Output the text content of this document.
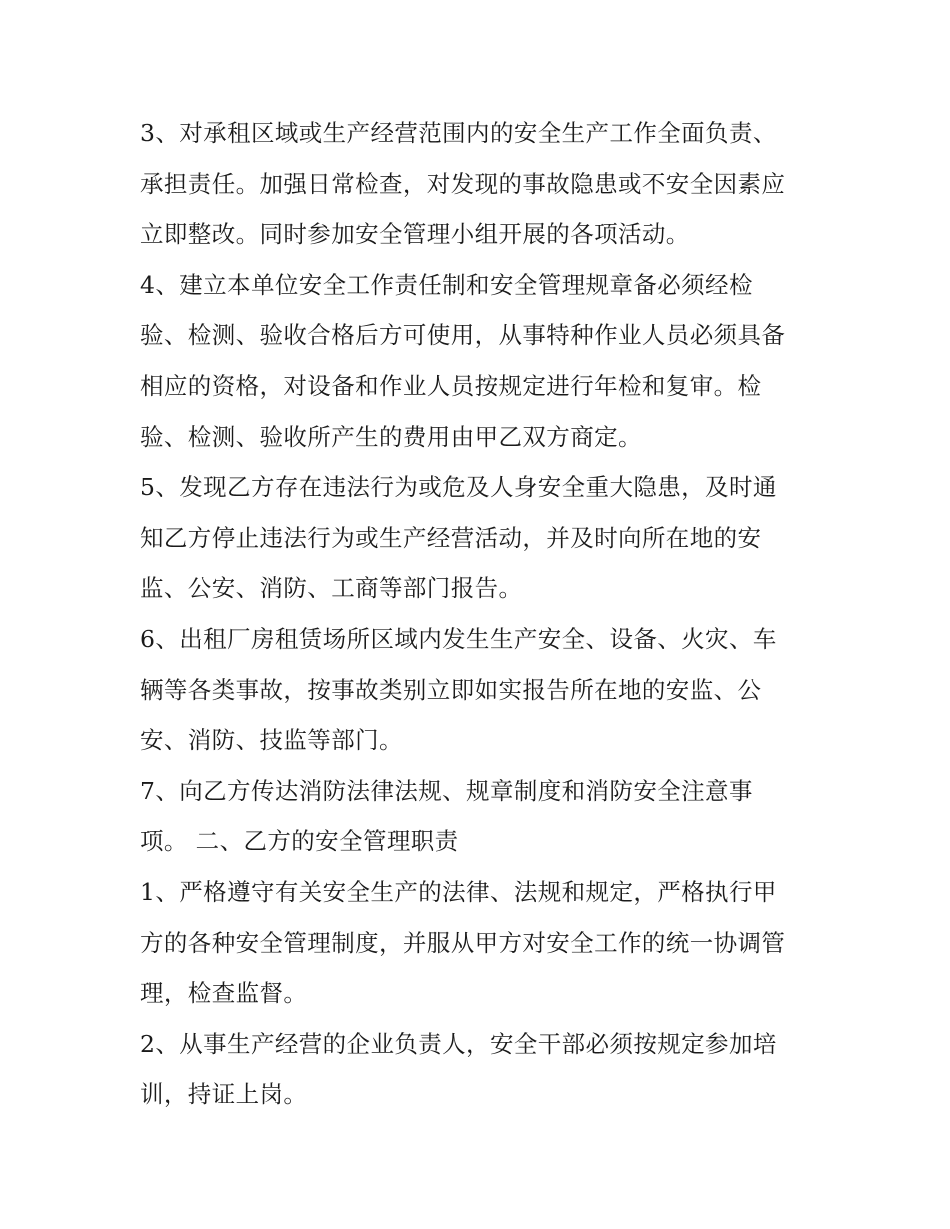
3、对承租区域或生产经营范围内的安全生产工作全面负责、
承担责任。加强日常检查，对发现的事故隐患或不安全因素应
立即整改。同时参加安全管理小组开展的各项活动。
4、建立本单位安全工作责任制和安全管理规章备必须经检
验、检测、验收合格后方可使用，从事特种作业人员必须具备
相应的资格，对设备和作业人员按规定进行年检和复审。检
验、检测、验收所产生的费用由甲乙双方商定。
5、发现乙方存在违法行为或危及人身安全重大隐患，及时通
知乙方停止违法行为或生产经营活动，并及时向所在地的安
监、公安、消防、工商等部门报告。
6、出租厂房租赁场所区域内发生生产安全、设备、火灾、车
辆等各类事故，按事故类别立即如实报告所在地的安监、公
安、消防、技监等部门。
7、向乙方传达消防法律法规、规章制度和消防安全注意事
项。 二、乙方的安全管理职责
1、严格遵守有关安全生产的法律、法规和规定，严格执行甲
方的各种安全管理制度，并服从甲方对安全工作的统一协调管
理，检查监督。
2、从事生产经营的企业负责人，安全干部必须按规定参加培
训，持证上岗。
